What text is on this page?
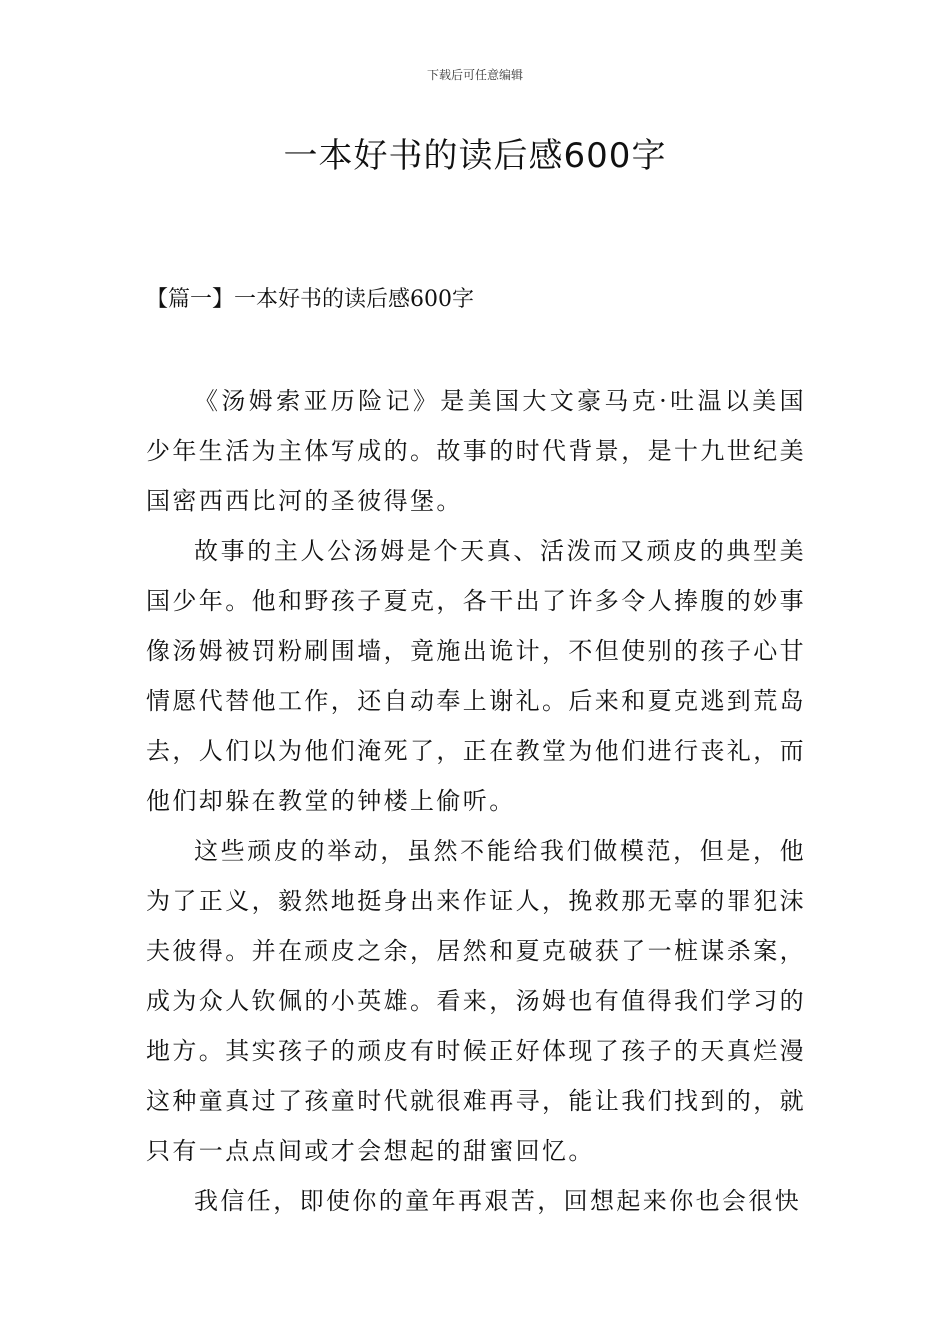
下载后可任意编辑
一本好书的读后感600字
【篇一】一本好书的读后感600字

《汤姆索亚历险记》是美国大文豪马克·吐温以美国少年生活为主体写成的。故事的时代背景，是十九世纪美国密西西比河的圣彼得堡。

故事的主人公汤姆是个天真、活泼而又顽皮的典型美国少年。他和野孩子夏克，各干出了许多令人捧腹的妙事像汤姆被罚粉刷围墙，竟施出诡计，不但使别的孩子心甘情愿代替他工作，还自动奉上谢礼。后来和夏克逃到荒岛去，人们以为他们淹死了，正在教堂为他们进行丧礼，而他们却躲在教堂的钟楼上偷听。

这些顽皮的举动，虽然不能给我们做模范，但是，他为了正义，毅然地挺身出来作证人，挽救那无辜的罪犯沫夫彼得。并在顽皮之余，居然和夏克破获了一桩谋杀案，成为众人钦佩的小英雄。看来，汤姆也有值得我们学习的地方。其实孩子的顽皮有时候正好体现了孩子的天真烂漫这种童真过了孩童时代就很难再寻，能让我们找到的，就只有一点点间或才会想起的甜蜜回忆。

我信任，即使你的童年再艰苦，回想起来你也会很快
